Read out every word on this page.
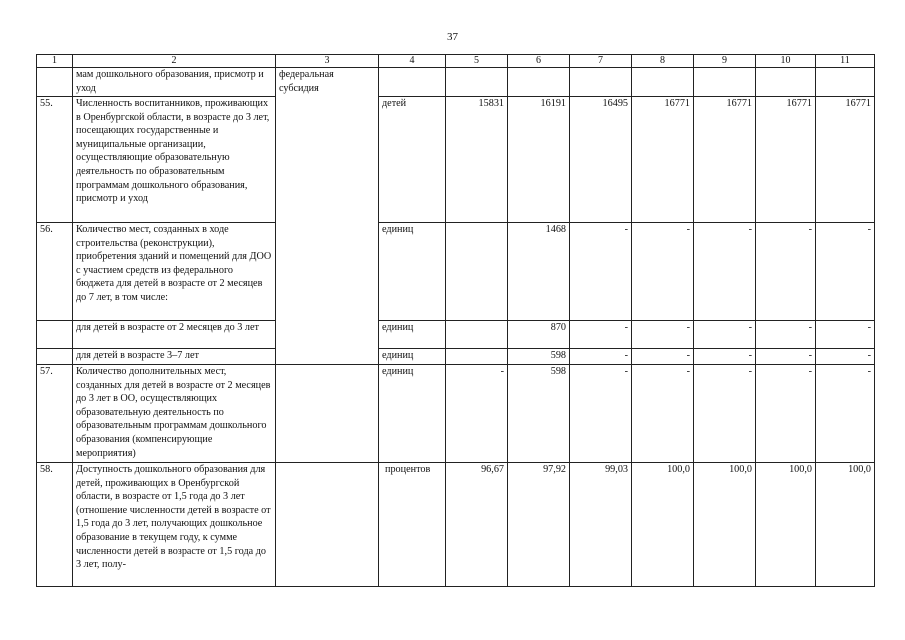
37
1	2	3	4	5	6	7	8	9	10	11
	мам дошкольного образования, присмотр и уход	федеральная субсидия								
55.	Численность воспитанников, проживающих в Оренбургской области, в возрасте до 3 лет, посещающих государственные и муниципальные организации, осуществляющие образовательную деятельность по образовательным программам дошкольного образования, присмотр и уход		детей	15831	16191	16495	16771	16771	16771	16771
56.	Количество мест, созданных в ходе строительства (реконструкции), приобретения зданий и помещений для ДОО с участием средств из федерального бюджета для детей в возрасте от 2 месяцев до 7 лет, в том числе:		единиц		1468	-	-	-	-	-
	для детей в возрасте от 2 месяцев до 3 лет		единиц		870	-	-	-	-	-
	для детей в возрасте 3–7 лет		единиц		598	-	-	-	-	-
57.	Количество дополнительных мест, созданных для детей в возрасте от 2 месяцев до 3 лет в ОО, осуществляющих образовательную деятельность по образовательным программам дошкольного образования (компенсирующие мероприятия)		единиц	-	598	-	-	-	-	-
58.	Доступность дошкольного образования для детей, проживающих в Оренбургской области, в возрасте от 1,5 года до 3 лет (отношение численности детей в возрасте от 1,5 года до 3 лет, получающих дошкольное образование в текущем году, к сумме численности детей в возрасте от 1,5 года до 3 лет, полу-		процентов	96,67	97,92	99,03	100,0	100,0	100,0	100,0
